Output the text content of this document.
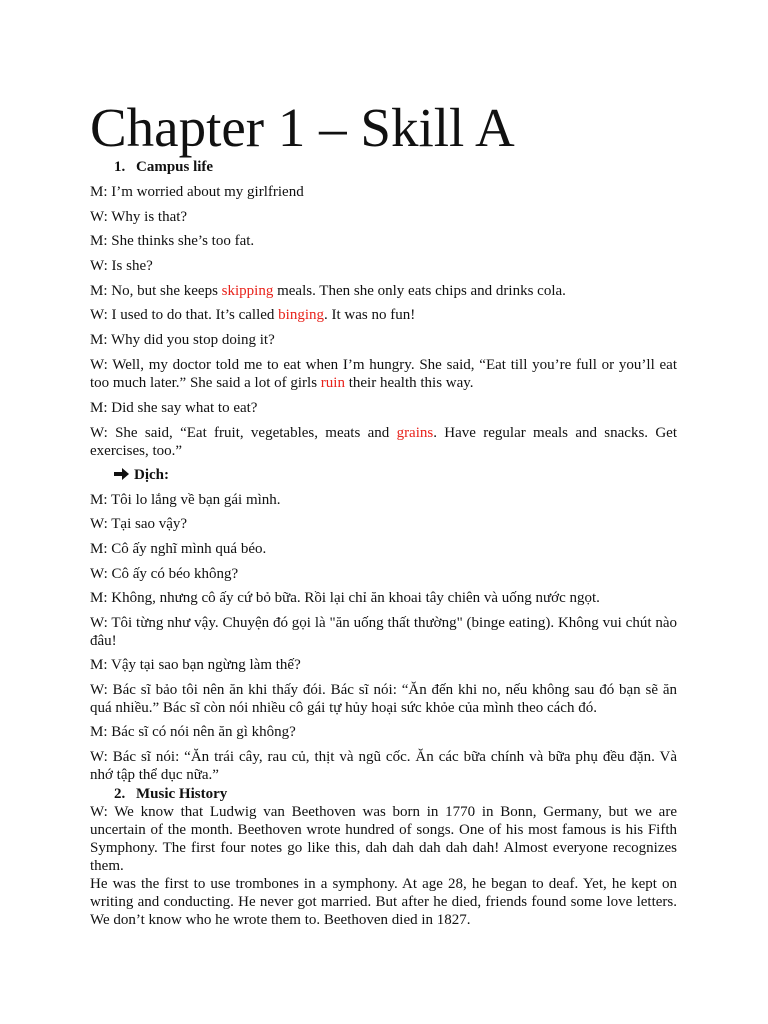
Chapter 1 – Skill A
1. Campus life

M: I’m worried about my girlfriend

W: Why is that?

M: She thinks she’s too fat.

W: Is she?

M: No, but she keeps skipping meals. Then she only eats chips and drinks cola.

W: I used to do that. It’s called binging. It was no fun!

M: Why did you stop doing it?

W: Well, my doctor told me to eat when I’m hungry. She said, “Eat till you’re full or you’ll eat too much later.” She said a lot of girls ruin their health this way.

M: Did she say what to eat?

W: She said, “Eat fruit, vegetables, meats and grains. Have regular meals and snacks. Get exercises, too.”

Dịch:

M: Tôi lo lắng về bạn gái mình.

W: Tại sao vậy?

M: Cô ấy nghĩ mình quá béo.

W: Cô ấy có béo không?

M: Không, nhưng cô ấy cứ bỏ bữa. Rồi lại chỉ ăn khoai tây chiên và uống nước ngọt.

W: Tôi từng như vậy. Chuyện đó gọi là "ăn uống thất thường" (binge eating). Không vui chút nào đâu!

M: Vậy tại sao bạn ngừng làm thế?

W: Bác sĩ bảo tôi nên ăn khi thấy đói. Bác sĩ nói: “Ăn đến khi no, nếu không sau đó bạn sẽ ăn quá nhiều.” Bác sĩ còn nói nhiều cô gái tự hủy hoại sức khỏe của mình theo cách đó.

M: Bác sĩ có nói nên ăn gì không?

W: Bác sĩ nói: “Ăn trái cây, rau củ, thịt và ngũ cốc. Ăn các bữa chính và bữa phụ đều đặn. Và nhớ tập thể dục nữa.”

2. Music History

W: We know that Ludwig van Beethoven was born in 1770 in Bonn, Germany, but we are uncertain of the month. Beethoven wrote hundred of songs. One of his most famous is his Fifth Symphony. The first four notes go like this, dah dah dah dah dah! Almost everyone recognizes them.

He was the first to use trombones in a symphony. At age 28, he began to deaf. Yet, he kept on writing and conducting. He never got married. But after he died, friends found some love letters. We don’t know who he wrote them to. Beethoven died in 1827.
